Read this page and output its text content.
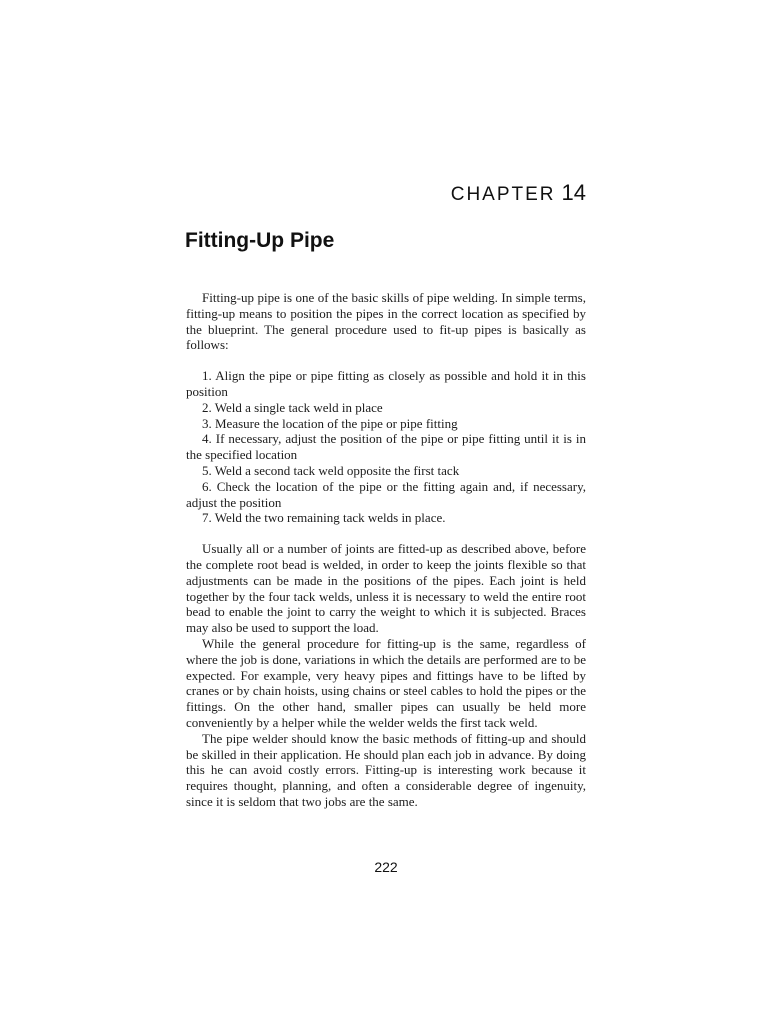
CHAPTER 14
Fitting-Up Pipe

Fitting-up pipe is one of the basic skills of pipe welding. In simple terms, fitting-up means to position the pipes in the correct location as specified by the blueprint. The general procedure used to fit-up pipes is basically as follows:

1. Align the pipe or pipe fitting as closely as possible and hold it in this position
2. Weld a single tack weld in place
3. Measure the location of the pipe or pipe fitting
4. If necessary, adjust the position of the pipe or pipe fitting until it is in the specified location
5. Weld a second tack weld opposite the first tack
6. Check the location of the pipe or the fitting again and, if necessary, adjust the position
7. Weld the two remaining tack welds in place.

Usually all or a number of joints are fitted-up as described above, before the complete root bead is welded, in order to keep the joints flexible so that adjustments can be made in the positions of the pipes. Each joint is held together by the four tack welds, unless it is necessary to weld the entire root bead to enable the joint to carry the weight to which it is subjected. Braces may also be used to support the load.

While the general procedure for fitting-up is the same, regardless of where the job is done, variations in which the details are performed are to be expected. For example, very heavy pipes and fittings have to be lifted by cranes or by chain hoists, using chains or steel cables to hold the pipes or the fittings. On the other hand, smaller pipes can usually be held more conveniently by a helper while the welder welds the first tack weld.

The pipe welder should know the basic methods of fitting-up and should be skilled in their application. He should plan each job in advance. By doing this he can avoid costly errors. Fitting-up is interesting work because it requires thought, planning, and often a considerable degree of ingenuity, since it is seldom that two jobs are the same.

222
